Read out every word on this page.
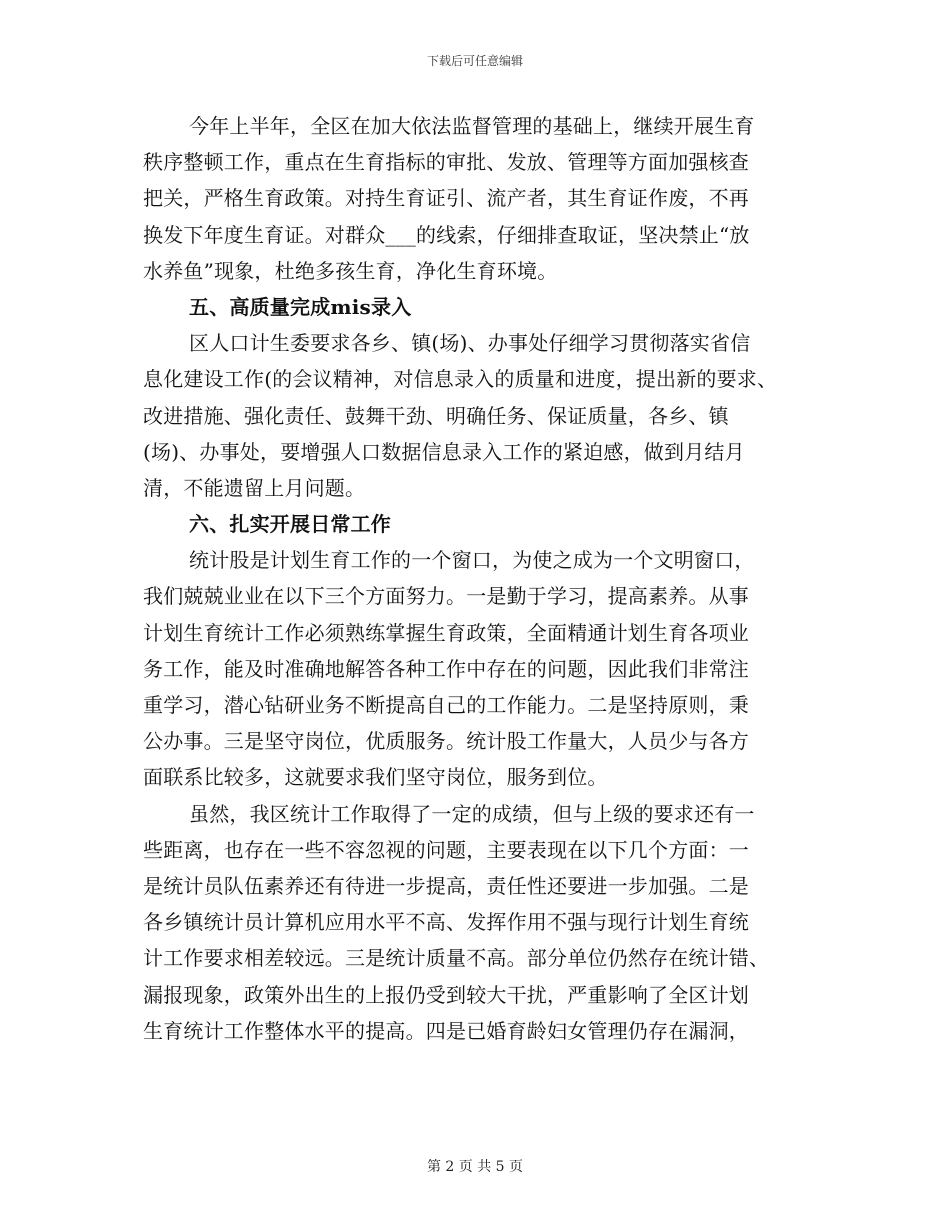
下载后可任意编辑
今年上半年，全区在加大依法监督管理的基础上，继续开展生育
秩序整顿工作，重点在生育指标的审批、发放、管理等方面加强核查
把关，严格生育政策。对持生育证引、流产者，其生育证作废，不再
换发下年度生育证。对群众___的线索，仔细排查取证，坚决禁止“放
水养鱼”现象，杜绝多孩生育，净化生育环境。
五、高质量完成mis录入
区人口计生委要求各乡、镇(场)、办事处仔细学习贯彻落实省信
息化建设工作(的会议精神，对信息录入的质量和进度，提出新的要求、
改进措施、强化责任、鼓舞干劲、明确任务、保证质量，各乡、镇
(场)、办事处，要增强人口数据信息录入工作的紧迫感，做到月结月
清，不能遗留上月问题。
六、扎实开展日常工作
统计股是计划生育工作的一个窗口，为使之成为一个文明窗口，
我们兢兢业业在以下三个方面努力。一是勤于学习，提高素养。从事
计划生育统计工作必须熟练掌握生育政策，全面精通计划生育各项业
务工作，能及时准确地解答各种工作中存在的问题，因此我们非常注
重学习，潜心钻研业务不断提高自己的工作能力。二是坚持原则，秉
公办事。三是坚守岗位，优质服务。统计股工作量大，人员少与各方
面联系比较多，这就要求我们坚守岗位，服务到位。
虽然，我区统计工作取得了一定的成绩，但与上级的要求还有一
些距离，也存在一些不容忽视的问题，主要表现在以下几个方面：一
是统计员队伍素养还有待进一步提高，责任性还要进一步加强。二是
各乡镇统计员计算机应用水平不高、发挥作用不强与现行计划生育统
计工作要求相差较远。三是统计质量不高。部分单位仍然存在统计错、
漏报现象，政策外出生的上报仍受到较大干扰，严重影响了全区计划
生育统计工作整体水平的提高。四是已婚育龄妇女管理仍存在漏洞，
第 2 页 共 5 页
